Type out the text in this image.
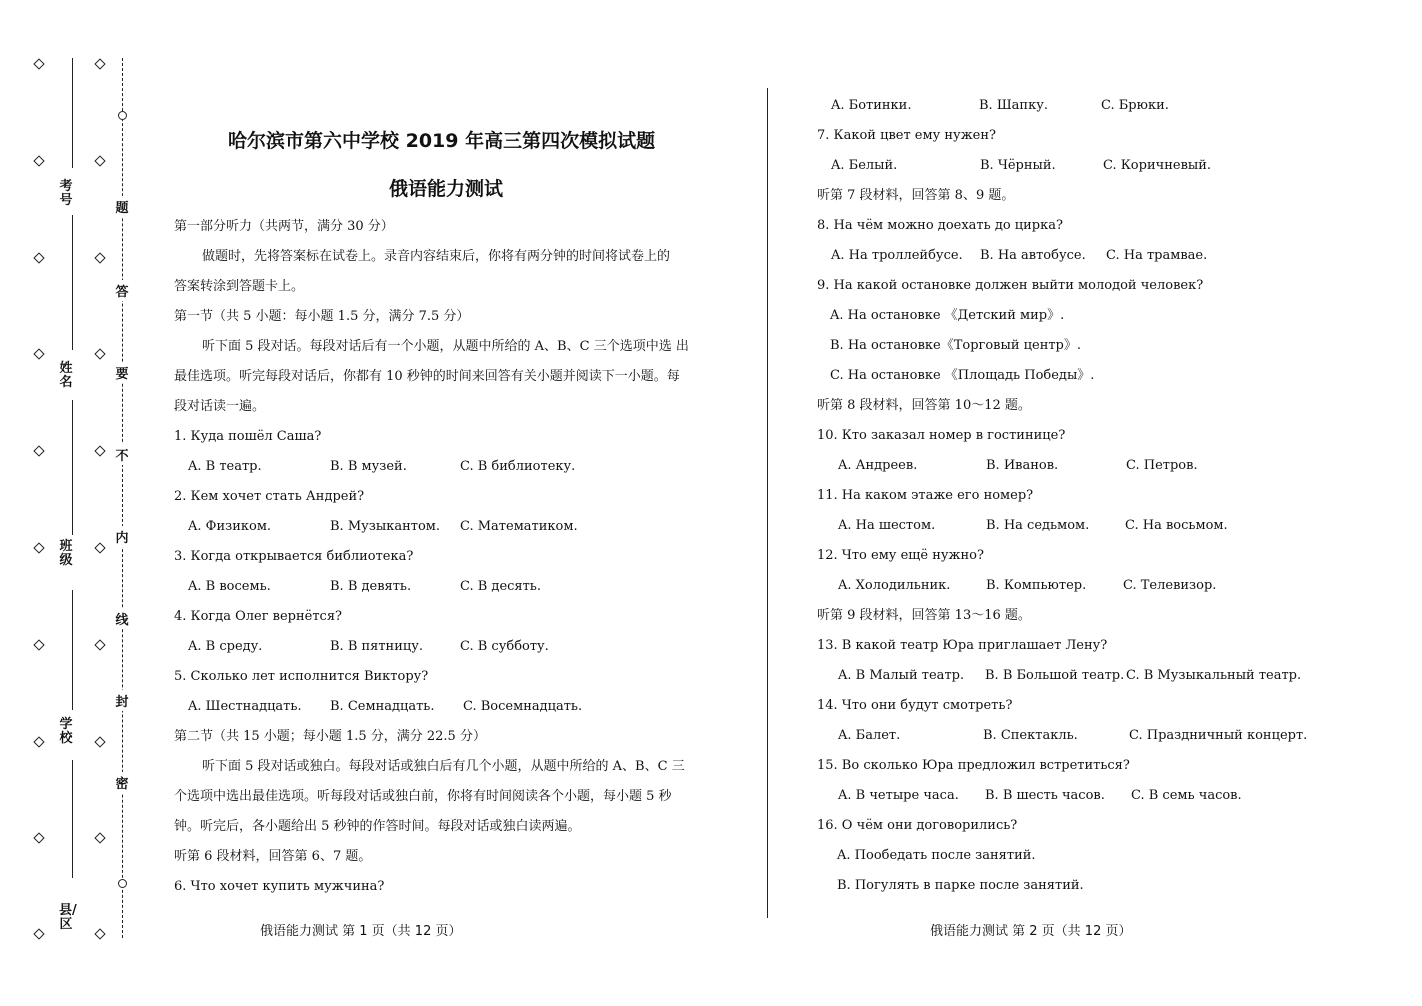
考号
姓名
班级
学校
县/区
题
答
要
不
内
线
封
密
哈尔滨市第六中学校 2019 年高三第四次模拟试题
俄语能力测试
第一部分听力（共两节，满分 30 分）
做题时，先将答案标在试卷上。录音内容结束后，你将有两分钟的时间将试卷上的
答案转涂到答题卡上。
第一节（共 5 小题：每小题 1.5 分，满分 7.5 分）
听下面 5 段对话。每段对话后有一个小题，从题中所给的 A、B、C 三个选项中选 出
最佳选项。听完每段对话后，你都有 10 秒钟的时间来回答有关小题并阅读下一小题。每
段对话读一遍。
1. Куда пошёл Саша?
A. В театр.	B. В музей.	C. В библиотеку.
2. Кем хочет стать Андрей?
A. Физиком.	B. Музыкантом. C. Математиком.
3. Когда открывается библиотека?
A. В восемь.	B. В девять.	C. В десять.
4. Когда Олег вернётся?
A. В среду.	B. В пятницу.	C. В субботу.
5. Сколько лет исполнится Виктору?
A. Шестнадцать. B. Семнадцать. C. Восемнадцать.
第二节（共 15 小题；每小题 1.5 分，满分 22.5 分）
听下面 5 段对话或独白。每段对话或独白后有几个小题，从题中所给的 A、B、C 三
个选项中选出最佳选项。听每段对话或独白前，你将有时间阅读各个小题，每小题 5 秒
钟。听完后，各小题给出 5 秒钟的作答时间。每段对话或独白读两遍。
听第 6 段材料，回答第 6、7 题。
6. Что хочет купить мужчина?
俄语能力测试 第 1 页（共 12 页）
A. Ботинки.	B. Шапку.	C. Брюки.
7. Какой цвет ему нужен?
A. Белый.	B. Чёрный.	C. Коричневый.
听第 7 段材料，回答第 8、9 题。
8. На чём можно доехать до цирка?
A. На троллейбусе. B. На автобусе. C. На трамвае.
9. На какой остановке должен выйти молодой человек?
A. На остановке 《Детский мир》.
B. На остановке《Торговый центр》.
C. На остановке 《Площадь Победы》.
听第 8 段材料，回答第 10～12 题。
10. Кто заказал номер в гостинице?
A. Андреев.	B. Иванов.	C. Петров.
11. На каком этаже его номер?
A. На шестом.	B. На седьмом.	C. На восьмом.
12. Что ему ещё нужно?
A. Холодильник.	B. Компьютер.	C. Телевизор.
听第 9 段材料，回答第 13～16 题。
13. В какой театр Юра приглашает Лену?
A. В Малый театр. B. В Большой театр. C. В Музыкальный театр.
14. Что они будут смотреть?
A. Балет.	B. Спектакль.	C. Праздничный концерт.
15. Во сколько Юра предложил встретиться?
A. В четыре часа. B. В шесть часов. C. В семь часов.
16. О чём они договорились?
A. Пообедать после занятий.
B. Погулять в парке после занятий.
俄语能力测试 第 2 页（共 12 页）
